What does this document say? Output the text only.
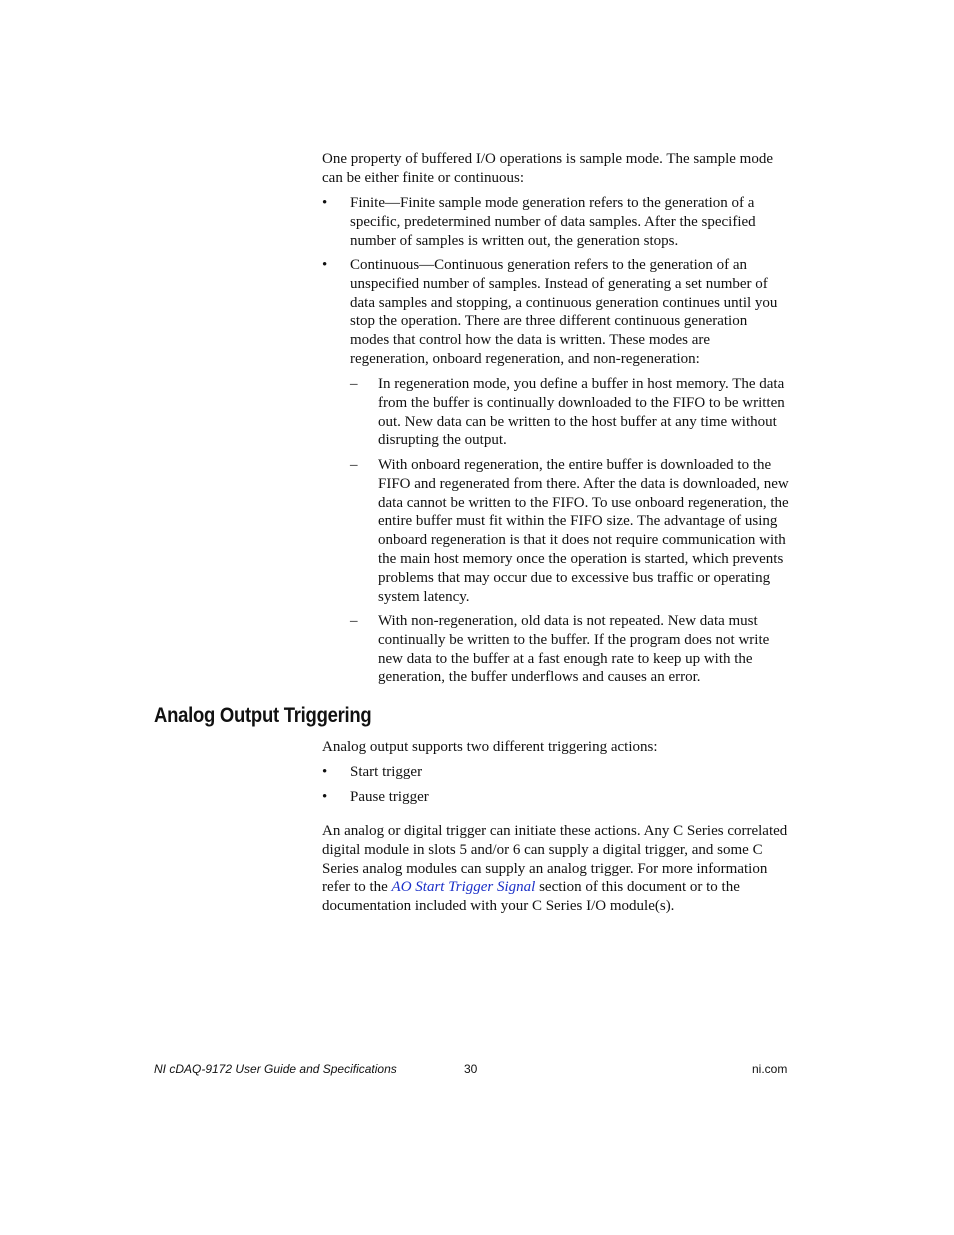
One property of buffered I/O operations is sample mode. The sample mode can be either finite or continuous:
•	Finite—Finite sample mode generation refers to the generation of a specific, predetermined number of data samples. After the specified number of samples is written out, the generation stops.
•	Continuous—Continuous generation refers to the generation of an unspecified number of samples. Instead of generating a set number of data samples and stopping, a continuous generation continues until you stop the operation. There are three different continuous generation modes that control how the data is written. These modes are regeneration, onboard regeneration, and non-regeneration:
–	In regeneration mode, you define a buffer in host memory. The data from the buffer is continually downloaded to the FIFO to be written out. New data can be written to the host buffer at any time without disrupting the output.
–	With onboard regeneration, the entire buffer is downloaded to the FIFO and regenerated from there. After the data is downloaded, new data cannot be written to the FIFO. To use onboard regeneration, the entire buffer must fit within the FIFO size. The advantage of using onboard regeneration is that it does not require communication with the main host memory once the operation is started, which prevents problems that may occur due to excessive bus traffic or operating system latency.
–	With non-regeneration, old data is not repeated. New data must continually be written to the buffer. If the program does not write new data to the buffer at a fast enough rate to keep up with the generation, the buffer underflows and causes an error.
Analog Output Triggering
Analog output supports two different triggering actions:
•	Start trigger
•	Pause trigger
An analog or digital trigger can initiate these actions. Any C Series correlated digital module in slots 5 and/or 6 can supply a digital trigger, and some C Series analog modules can supply an analog trigger. For more information refer to the AO Start Trigger Signal section of this document or to the documentation included with your C Series I/O module(s).
NI cDAQ-9172 User Guide and Specifications	30	ni.com
